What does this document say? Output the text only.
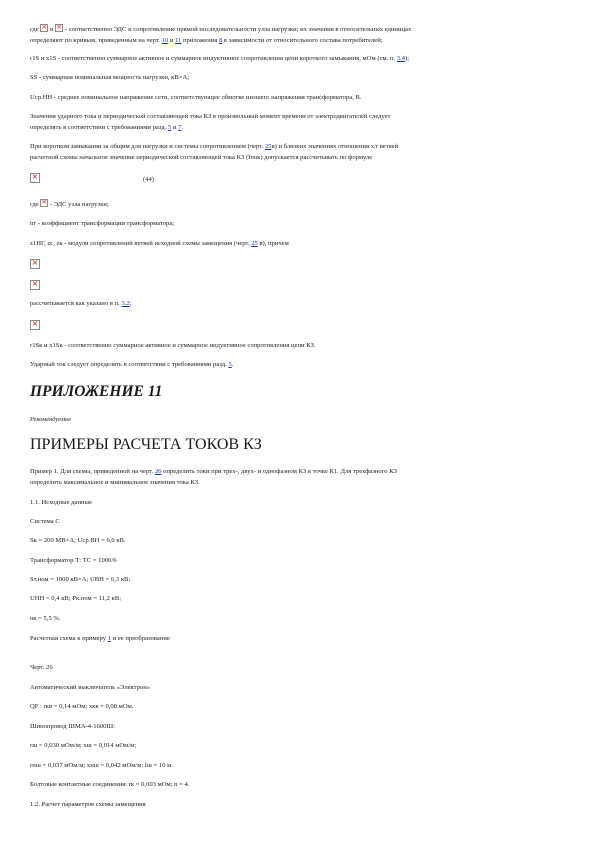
где × и × - соответственно ЭДС и сопротивление прямой последовательности узла нагрузки; их значения в относительных единицах
определяют по кривым, приведенным на черт. 10 и 11 приложения 8 в зависимости от относительного состава потребителей;
r1S и x1S - соответственно суммарное активное и суммарное индуктивное сопротивления цепи короткого замыкания, мОм (см. п. 3.4);
SS - суммарная номинальная мощность нагрузки, кВ×А;
Uср.НН - среднее номинальное напряжение сети, соответствующее обмотке низшего напряжения трансформатора, В.
Значения ударного тока и периодической составляющей тока КЗ в произвольный момент времени от электродвигателей следует
определять в соответствии с требованиями разд. 5 и 7.
При коротком замыкании за общим для нагрузки и системы сопротивлением (черт. 25в) и близких значениях отношения x/r ветвей
расчетной схемы начальное значение периодической составляющей тока КЗ (Iпок) допускается рассчитывать по формуле
×
(44)
где × - ЭДС узла нагрузки;
nт - коэффициент трансформации трансформатора;
z1НГ, zс, zк - модули сопротивлений ветвей исходной схемы замещения (черт. 25 в), причем
×
×
рассчитывается как указано в п. 3.2;
×
r1Sк и x1Sк - соответственно суммарное активное и суммарное индуктивное сопротивления цепи КЗ.
Ударный ток следует определять в соответствии с требованиями разд. 5.
ПРИЛОЖЕНИЕ 11
Рекомендуемое
ПРИМЕРЫ РАСЧЕТА ТОКОВ КЗ
Пример 1. Для схемы, приведенной на черт. 26 определить токи при трех-, двух- и однофазном КЗ в точке К1. Для трехфазного КЗ
определить максимальное и минимальное значения тока КЗ.
1.1. Исходные данные
Система С
Sк = 200 МВ×А; Uср.ВН = 6,0 кВ.
Трансформатор Т: ТС = 1000/6
Sт.ном = 1000 кВ×А; UВН = 6,3 кВ;
UНН = 0,4 кВ; Рк.ном = 11,2 кВ;
uк = 5,5 %.
Расчетная схема к примеру 1 и ее преобразование
Черт. 26
Автоматический выключатель «Электрон»
QF : rкв = 0,14 мОм; xкв = 0,08 мОм.
Шинопровод ШМА-4-1600Ш:
rш = 0,030 мОм/м; xш = 0,014 мОм/м;
rнш = 0,037 мОм/м; xнш = 0,042 мОм/м; lш = 10 м.
Болтовые контактные соединения: rк = 0,003 мОм; n = 4.
1.2. Расчет параметров схемы замещения
